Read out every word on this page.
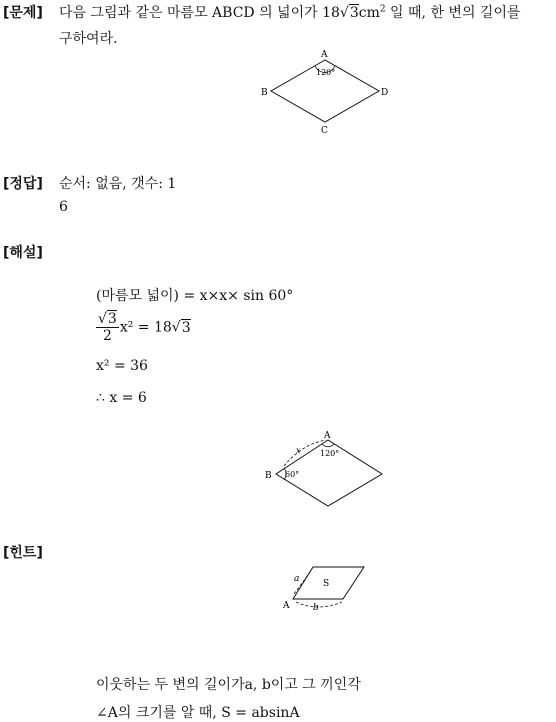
[문제] 다음 그림과 같은 마름모 ABCD 의 넓이가 $18√3cm^2$ 일 때, 한 변의 길이를
구하여라.
A
B
C
D
120°
[정답] 순서: 없음, 갯수: 1
6
[해설]
(마름모 넓이) = x×x× sin 60°
$\frac{√3}{2} x^2 = 18√3$
x² = 36
∴ x = 6
A
B
x 120°
60°
[힌트]
A
a
b
S
이웃하는 두 변의 길이가a, b이고 그 끼인각
∠A의 크기를 알 때, S = absinA
